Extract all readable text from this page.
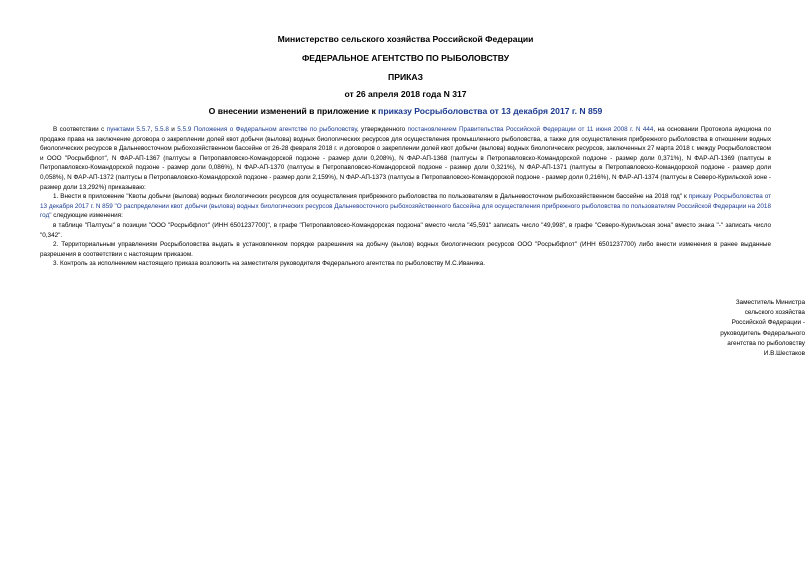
Министерство сельского хозяйства Российской Федерации

ФЕДЕРАЛЬНОЕ АГЕНТСТВО ПО РЫБОЛОВСТВУ

ПРИКАЗ

от 26 апреля 2018 года N 317

О внесении изменений в приложение к приказу Росрыболовства от 13 декабря 2017 г. N 859

В соответствии с пунктами 5.5.7, 5.5.8 и 5.5.9 Положения о Федеральном агентстве по рыболовству, утвержденного постановлением Правительства Российской Федерации от 11 июня 2008 г. N 444, на основании Протокола аукциона по продаже права на заключение договора о закреплении долей квот добычи (вылова) водных биологических ресурсов для осуществления промышленного рыболовства, а также для осуществления прибрежного рыболовства в отношении водных биологических ресурсов в Дальневосточном рыбохозяйственном бассейне от 26-28 февраля 2018 г. и договоров о закреплении долей квот добычи (вылова) водных биологических ресурсов, заключенных 27 марта 2018 г. между Росрыболовством и ООО "Росрыбфлот", N ФАР-АП-1367 (палтусы в Петропавловско-Командорской подзоне - размер доли 0,208%), N ФАР-АП-1368 (палтусы в Петропавловско-Командорской подзоне - размер доли 0,371%), N ФАР-АП-1369 (палтусы в Петропавловско-Командорской подзоне - размер доли 0,086%), N ФАР-АП-1370 (палтусы в Петропавловско-Командорской подзоне - размер доли 0,321%), N ФАР-АП-1371 (палтусы в Петропавловско-Командорской подзоне - размер доли 0,058%), N ФАР-АП-1372 (палтусы в Петропавловско-Командорской подзоне - размер доли 2,159%), N ФАР-АП-1373 (палтусы в Петропавловско-Командорской подзоне - размер доли 0,216%), N ФАР-АП-1374 (палтусы в Северо-Курильской зоне - размер доли 13,292%) приказываю:

1. Внести в приложение "Квоты добычи (вылова) водных биологических ресурсов для осуществления прибрежного рыболовства по пользователям в Дальневосточном рыбохозяйственном бассейне на 2018 год" к приказу Росрыболовства от 13 декабря 2017 г. N 859 "О распределении квот добычи (вылова) водных биологических ресурсов Дальневосточного рыбохозяйственного бассейна для осуществления прибрежного рыболовства по пользователям Российской Федерации на 2018 год" следующие изменения:

в таблице "Палтусы" в позиции "ООО "Росрыбфлот" (ИНН 6501237700)", в графе "Петропавловско-Командорская подзона" вместо числа "45,591" записать число "49,998", в графе "Северо-Курильская зона" вместо знака "-" записать число "0,342".

2. Территориальным управлениям Росрыболовства выдать в установленном порядке разрешения на добычу (вылов) водных биологических ресурсов ООО "Росрыбфлот" (ИНН 6501237700) либо внести изменения в ранее выданные разрешения в соответствии с настоящим приказом.

3. Контроль за исполнением настоящего приказа возложить на заместителя руководителя Федерального агентства по рыболовству М.С.Иваника.

Заместитель Министра
сельского хозяйства
Российской Федерации -
руководитель Федерального
агентства по рыболовству
И.В.Шестаков
